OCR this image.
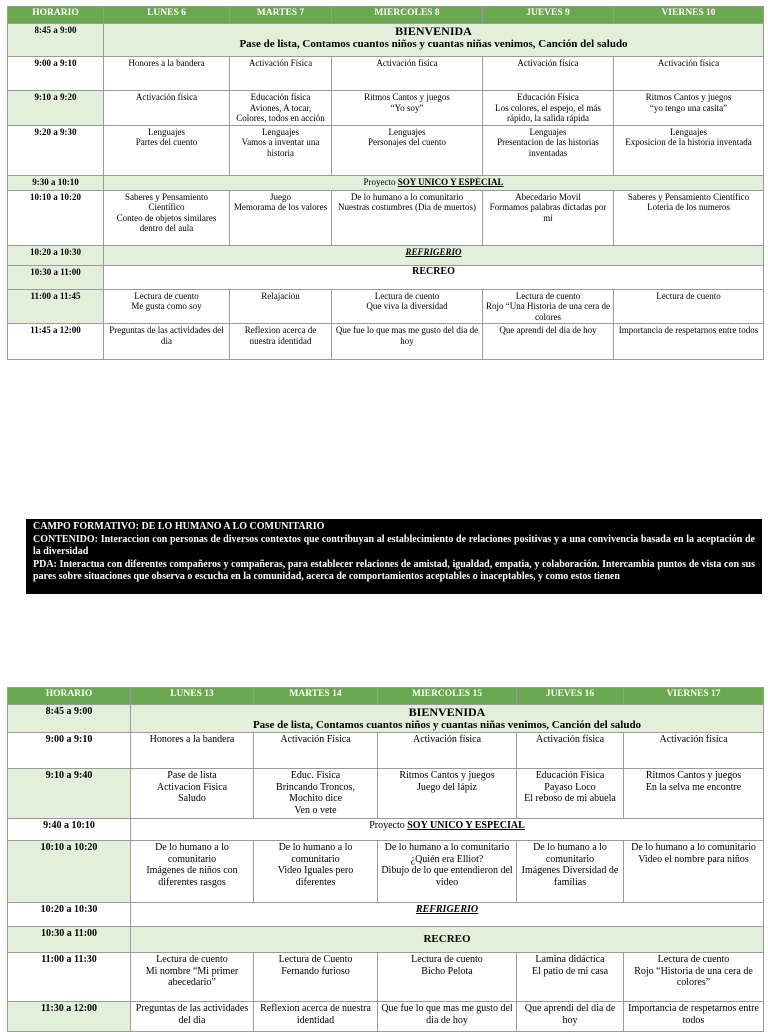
HORARIO	LUNES 6	MARTES 7	MIERCOLES 8	JUEVES 9	VIERNES 10
8:45 a 9:00	BIENVENIDA
Pase de lista, Contamos cuantos niños y cuantas niñas venimos, Canción del saludo				

9:00 a 9:10	Honores a la bandera	Activación Física	Activación física	Activación física	Activación física
9:10 a 9:20	Activación física	Educación física
Aviones, A tocar,
Colores, todos en acción	Ritmos Cantos y juegos
“Yo soy”	Educación Física
Los colores, el espejo, el más rápido, la salida rápida	Ritmos Cantos y juegos
“yo tengo una casita”

9:20 a 9:30	Lenguajes
Partes del cuento	Lenguajes
Vamos a inventar una historia	Lenguajes
Personajes del cuento	Lenguajes
Presentacion de las historias inventadas	Lenguajes
Exposicion de la historia inventada

9:30 a 10:10	Proyecto SOY UNICO Y ESPECIAL				
10:10 a 10:20	Saberes y Pensamiento Científico
Conteo de objetos similares dentro del aula	Juego
Memorama de los valores	De lo humano a lo comunitario
Nuestras costumbres (Dia de muertos)	Abecedario Movil
Formamos palabras dictadas por mi	Saberes y Pensamiento Científico
Loteria de los numeros

10:20 a 10:30	REFRIGERIO				
10:30 a 11:00	RECREO				
11:00 a 11:45	Lectura de cuento
Me gusta como soy	Relajacion	Lectura de cuento
Que viva la diversidad	Lectura de cuento
Rojo “Una Historia de una cera de colores	Lectura de cuento

11:45 a 12:00	Preguntas de las actividades del dia	Reflexion acerca de nuestra identidad	Que fue lo que mas me gusto del dia de hoy	Que aprendi del dia de hoy	Importancia de respetarnos entre todos

CAMPO FORMATIVO: DE LO HUMANO A LO COMUNITARIO

CONTENIDO: Interaccion con personas de diversos contextos que contribuyan al establecimiento de relaciones positivas y a una convivencia basada en la aceptación de la diversidad

PDA: Interactua con diferentes compañeros y compañeras, para establecer relaciones de amistad, igualdad, empatia, y colaboración. Intercambia puntos de vista con sus pares sobre situaciones que observa o escucha en la comunidad, acerca de comportamientos aceptables o inaceptables, y como estos tienen

HORARIO	LUNES 13	MARTES 14	MIERCOLES 15	JUEVES 16	VIERNES 17
8:45 a 9:00	BIENVENIDA
Pase de lista, Contamos cuantos niños y cuantas niñas venimos, Canción del saludo				

9:00 a 9:10	Honores a la bandera	Activación Física	Activación física	Activación física	Activación física
9:10 a 9:40	Pase de lista
Activacion Fisica
Saludo	Educ. Fisica
Brincando Troncos,
Mochito dice
Ven o vete	Ritmos Cantos y juegos
Juego del lápiz	Educación Física
Payaso Loco
El reboso de mi abuela	Ritmos Cantos y juegos
En la selva me encontre

9:40 a 10:10	Proyecto SOY UNICO Y ESPECIAL				
10:10 a 10:20	De lo humano a lo comunitario
Imágenes de niños con diferentes rasgos	De lo humano a lo comunitario
Video Iguales pero diferentes	De lo humano a lo comunitario
¿Quién era Elliot?
Dibujo de lo que entendieron del video	De lo humano a lo comunitario
Imágenes Diversidad de familias	De lo humano a lo comunitario
Video el nombre para niños

10:20 a 10:30	REFRIGERIO				
10:30 a 11:00	RECREO				
11:00 a 11:30	Lectura de cuento
Mi nombre “Mi primer abecedario”	Lectura de Cuento
Fernando furioso	Lectura de cuento
Bicho Pelota	Lamina didáctica
El patio de mi casa	Lectura de cuento
Rojo “Historia de una cera de colores”

11:30 a 12:00	Preguntas de las actividades del dia	Reflexion acerca de nuestra identidad	Que fue lo que mas me gusto del dia de hoy	Que aprendi del dia de hoy	Importancia de respetarnos entre todos
